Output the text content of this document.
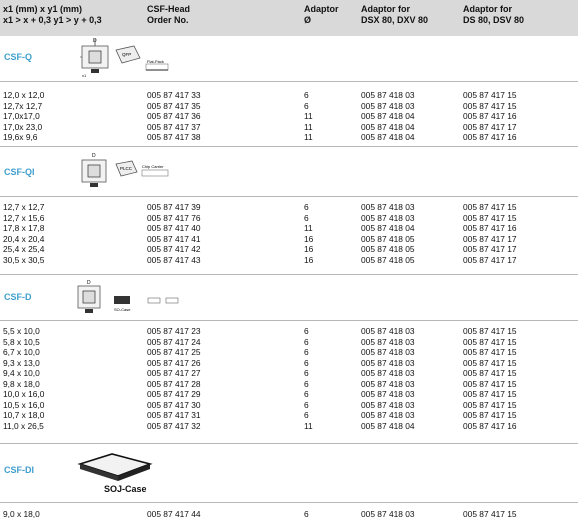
x1 (mm) x y1 (mm)
x1 > x + 0,3 y1 > y + 0,3
CSF-Head
Order No.
Adaptor
Ø
Adaptor for
DSX 80, DXV 80
Adaptor for
DS 80, DSV 80
CSF-Q
D
x1
QFP
Flat-Pack
12,0 x 12,0	005 87 417 33	6	005 87 418 03	005 87 417 15
12,7x 12,7	005 87 417 35	6	005 87 418 03	005 87 417 15
17,0x17,0	005 87 417 36	11	005 87 418 04	005 87 417 16
17,0x 23,0	005 87 417 37	11	005 87 418 04	005 87 417 17
19,6x 9,6	005 87 417 38	11	005 87 418 04	005 87 417 16
CSF-QI
D
PLCC Chip Carrier
12,7 x 12,7	005 87 417 39	6	005 87 418 03	005 87 417 15
12,7 x 15,6	005 87 417 76	6	005 87 418 03	005 87 417 15
17,8 x 17,8	005 87 417 40	11	005 87 418 04	005 87 417 16
20,4 x 20,4	005 87 417 41	16	005 87 418 05	005 87 417 17
25,4 x 25,4	005 87 417 42	16	005 87 418 05	005 87 417 17
30,5 x 30,5	005 87 417 43	16	005 87 418 05	005 87 417 17
CSF-D
D
SO-Case
5,5 x 10,0	005 87 417 23	6	005 87 418 03	005 87 417 15
5,8 x 10,5	005 87 417 24	6	005 87 418 03	005 87 417 15
6,7 x 10,0	005 87 417 25	6	005 87 418 03	005 87 417 15
9,3 x 13,0	005 87 417 26	6	005 87 418 03	005 87 417 15
9,4 x 10,0	005 87 417 27	6	005 87 418 03	005 87 417 15
9,8 x 18,0	005 87 417 28	6	005 87 418 03	005 87 417 15
10,0 x 16,0	005 87 417 29	6	005 87 418 03	005 87 417 15
10,5 x 16,0	005 87 417 30	6	005 87 418 03	005 87 417 15
10,7 x 18,0	005 87 417 31	6	005 87 418 03	005 87 417 15
11,0 x 26,5	005 87 417 32	11	005 87 418 04	005 87 417 16
CSF-DI
SOJ-Case
9,0 x 18,0	005 87 417 44	6	005 87 418 03	005 87 417 15
